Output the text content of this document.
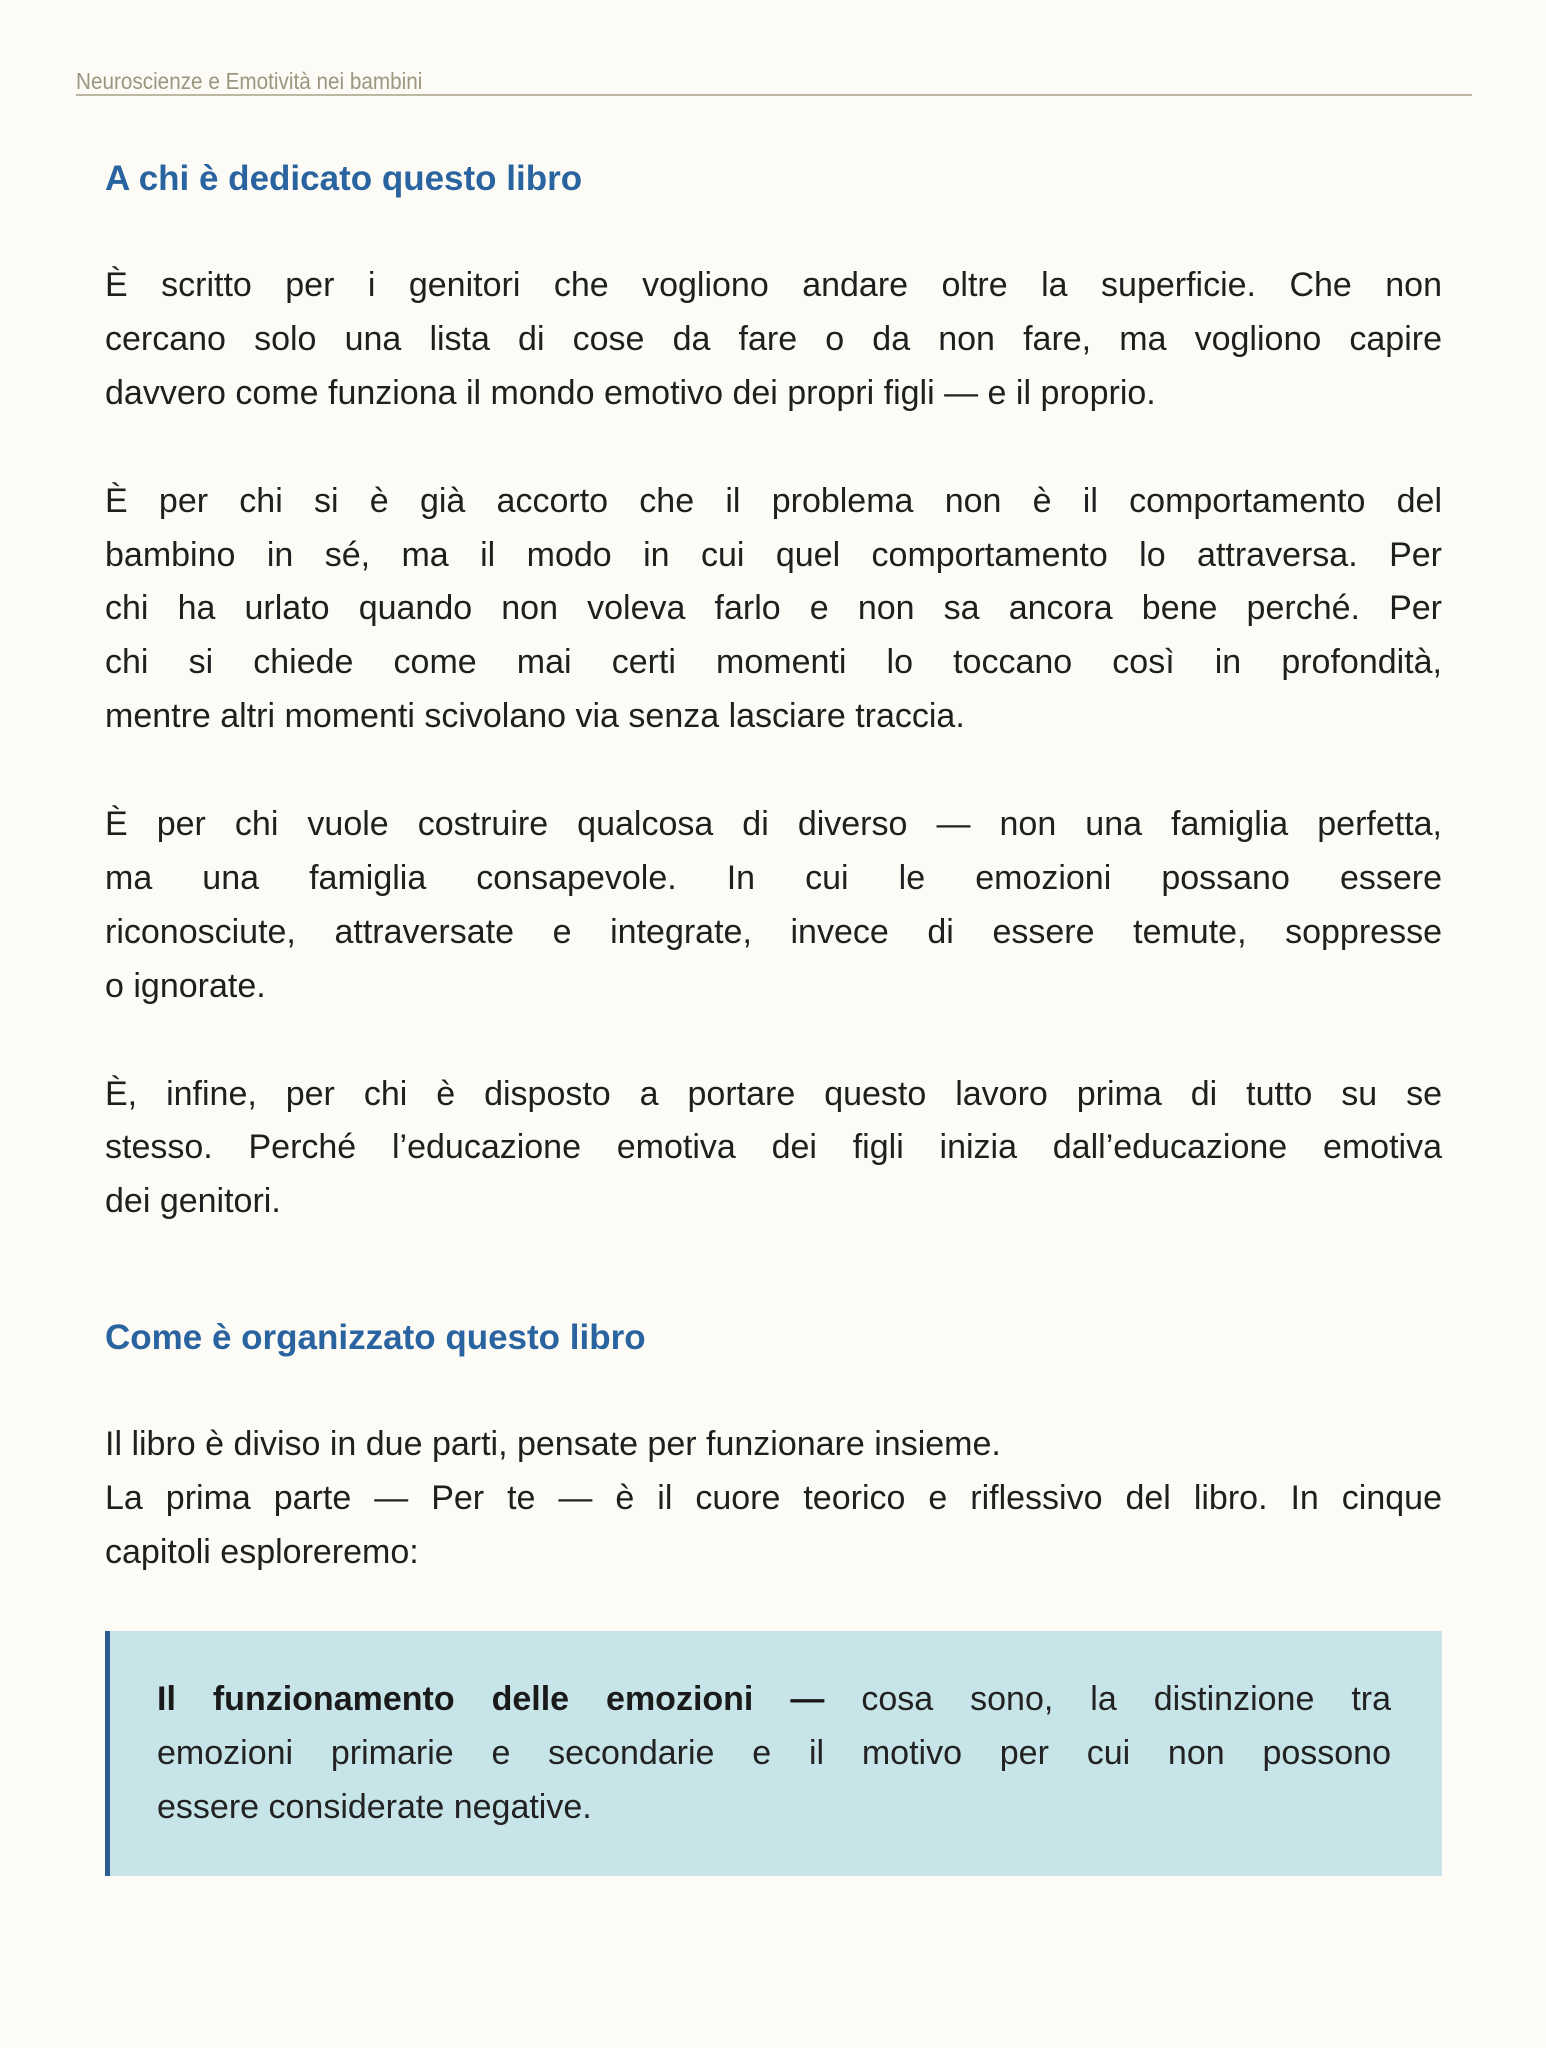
Neuroscienze e Emotività nei bambini
A chi è dedicato questo libro
È scritto per i genitori che vogliono andare oltre la superficie. Che non
cercano solo una lista di cose da fare o da non fare, ma vogliono capire
davvero come funziona il mondo emotivo dei propri figli — e il proprio.
È per chi si è già accorto che il problema non è il comportamento del
bambino in sé, ma il modo in cui quel comportamento lo attraversa. Per
chi ha urlato quando non voleva farlo e non sa ancora bene perché. Per
chi si chiede come mai certi momenti lo toccano così in profondità,
mentre altri momenti scivolano via senza lasciare traccia.
È per chi vuole costruire qualcosa di diverso — non una famiglia perfetta,
ma una famiglia consapevole. In cui le emozioni possano essere
riconosciute, attraversate e integrate, invece di essere temute, soppresse
o ignorate.
È, infine, per chi è disposto a portare questo lavoro prima di tutto su se
stesso. Perché l’educazione emotiva dei figli inizia dall’educazione emotiva
dei genitori.
Come è organizzato questo libro
Il libro è diviso in due parti, pensate per funzionare insieme.
La prima parte — Per te — è il cuore teorico e riflessivo del libro. In cinque
capitoli esploreremo:
Il funzionamento delle emozioni — cosa sono, la distinzione tra
emozioni primarie e secondarie e il motivo per cui non possono
essere considerate negative.
